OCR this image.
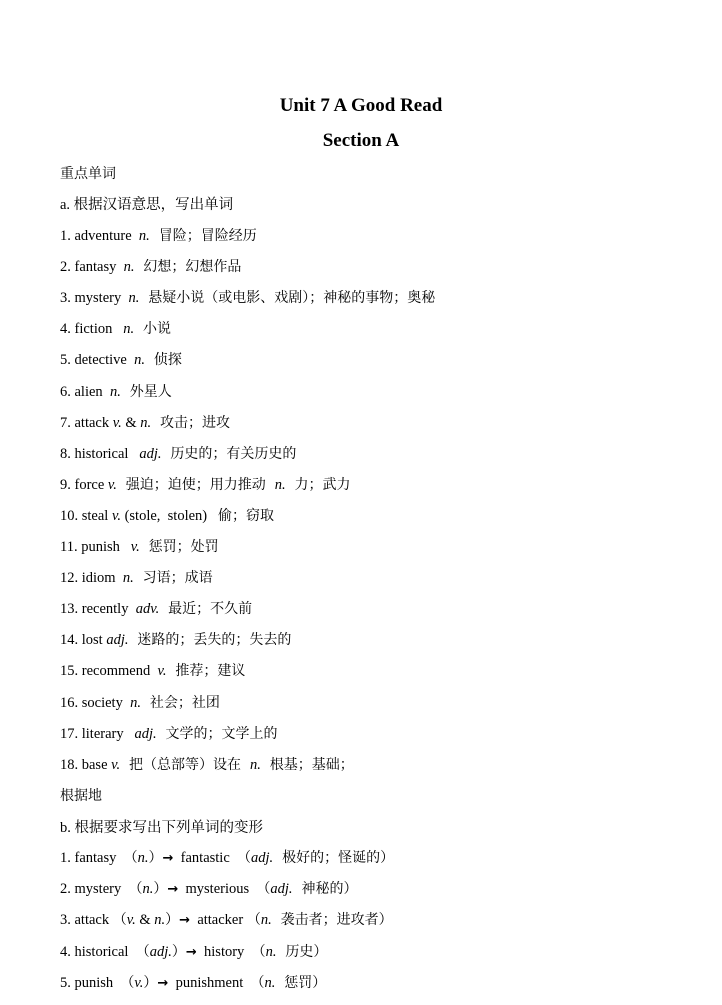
Unit 7 A Good Read
Section A
重点单词
a. 根据汉语意思，写出单词
1. adventure  n.  冒险；冒险经历
2. fantasy  n.  幻想；幻想作品
3. mystery  n.  悬疑小说（或电影、戏剧）；神秘的事物；奥秘
4. fiction   n.  小说
5. detective  n.  侦探
6. alien  n.  外星人
7. attack v. & n.  攻击；进攻
8. historical   adj.  历史的；有关历史的
9. force v.  强迫；迫使；用力推动  n.  力；武力
10. steal v. (stole,  stolen)   偷；窃取
11. punish   v.  惩罚；处罚
12. idiom  n.  习语；成语
13. recently  adv.  最近；不久前
14. lost adj.  迷路的；丢失的；失去的
15. recommend  v.  推荐；建议
16. society  n.  社会；社团
17. literary   adj.  文学的；文学上的
18. base v.  把（总部等）设在  n.  根基；基础；
根据地
b. 根据要求写出下列单词的变形
1. fantasy  （n.）→  fantastic  （adj.  极好的；怪诞的）
2. mystery  （n.）→  mysterious  （adj.  神秘的）
3. attack （v. & n.）→  attacker （n.  袭击者；进攻者）
4. historical  （adj.）→  history  （n.  历史）
5. punish  （v.）→  punishment  （n.  惩罚）
